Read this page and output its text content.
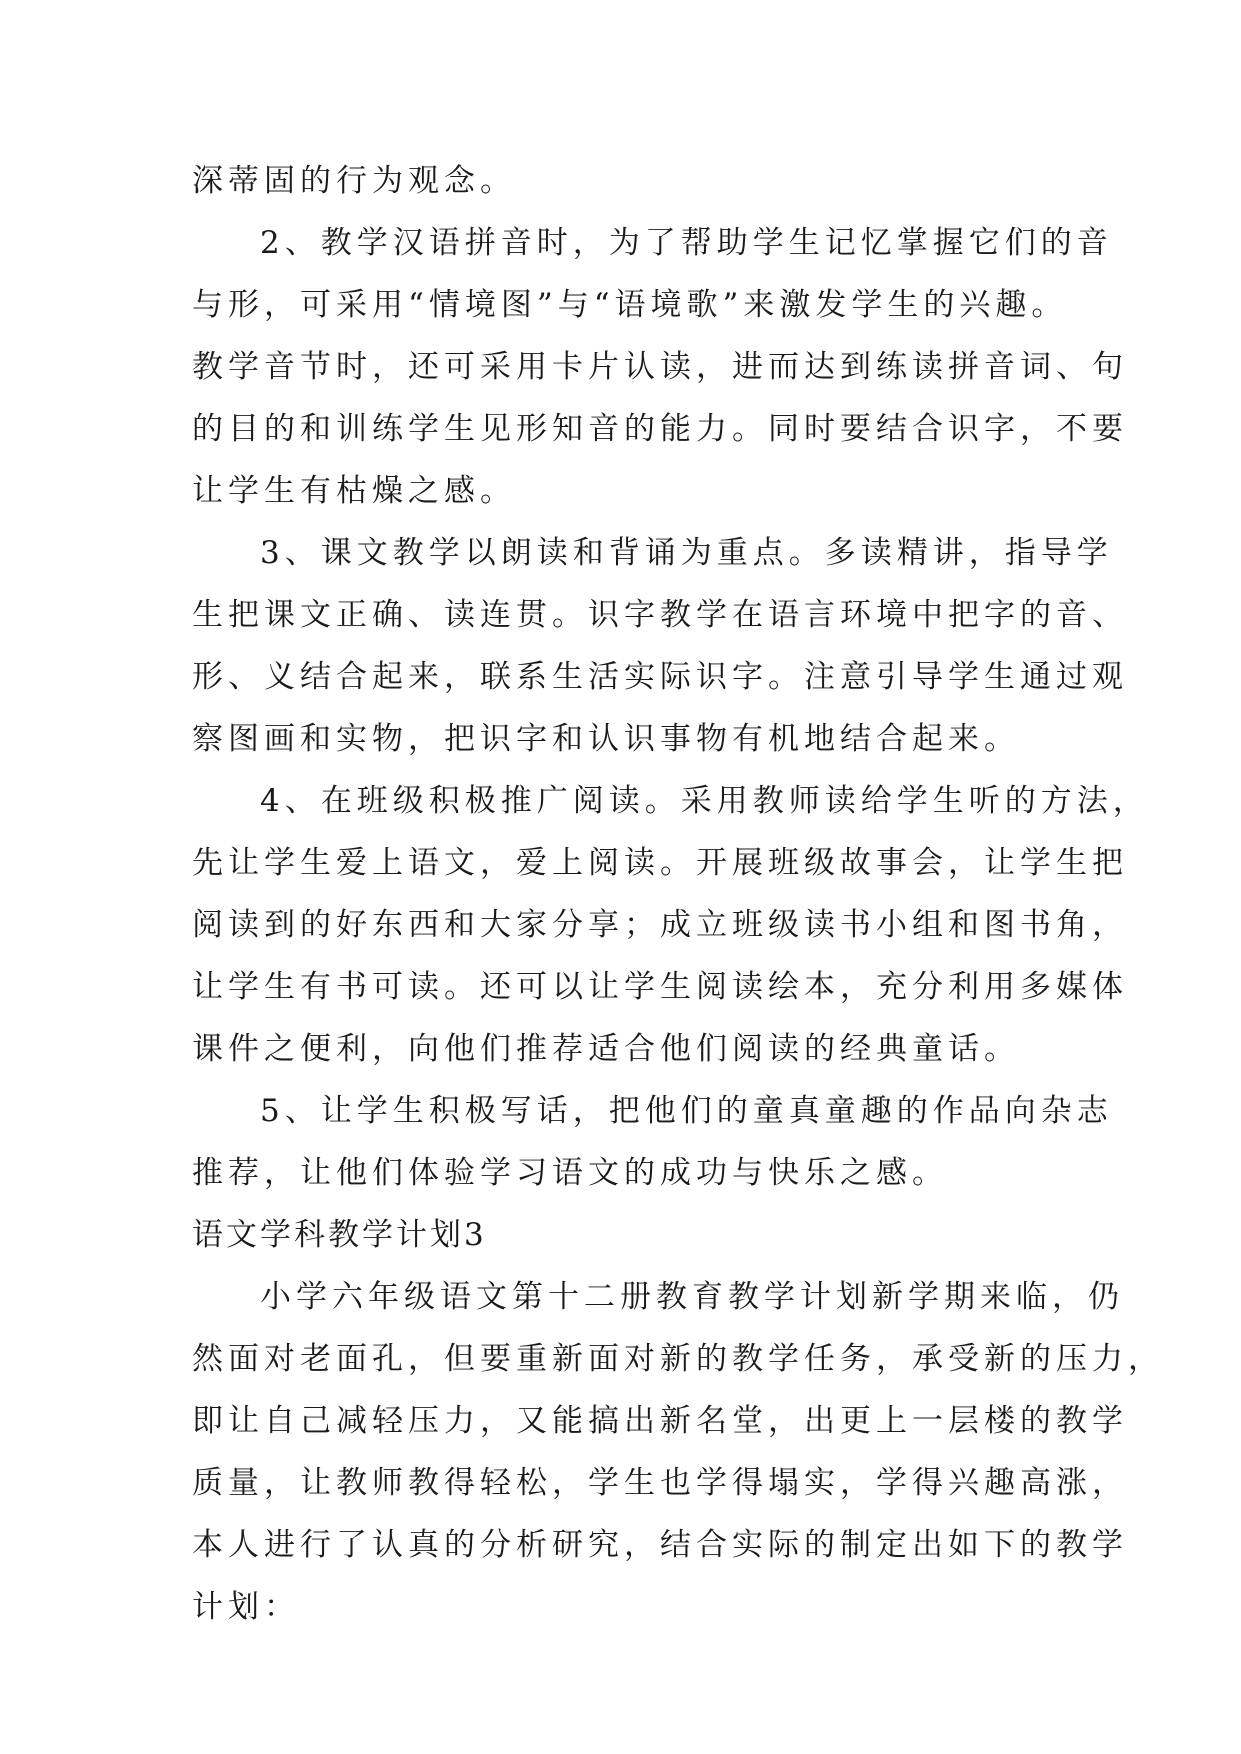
深蒂固的行为观念。

2、教学汉语拼音时，为了帮助学生记忆掌握它们的音

与形，可采用“情境图”与“语境歌”来激发学生的兴趣。

教学音节时，还可采用卡片认读，进而达到练读拼音词、句

的目的和训练学生见形知音的能力。同时要结合识字，不要

让学生有枯燥之感。

3、课文教学以朗读和背诵为重点。多读精讲，指导学

生把课文正确、读连贯。识字教学在语言环境中把字的音、

形、义结合起来，联系生活实际识字。注意引导学生通过观

察图画和实物，把识字和认识事物有机地结合起来。

4、在班级积极推广阅读。采用教师读给学生听的方法，

先让学生爱上语文，爱上阅读。开展班级故事会，让学生把

阅读到的好东西和大家分享；成立班级读书小组和图书角，

让学生有书可读。还可以让学生阅读绘本，充分利用多媒体

课件之便利，向他们推荐适合他们阅读的经典童话。

5、让学生积极写话，把他们的童真童趣的作品向杂志

推荐，让他们体验学习语文的成功与快乐之感。

语文学科教学计划3

小学六年级语文第十二册教育教学计划新学期来临，仍

然面对老面孔，但要重新面对新的教学任务，承受新的压力，

即让自己减轻压力，又能搞出新名堂，出更上一层楼的教学

质量，让教师教得轻松，学生也学得塌实，学得兴趣高涨，

本人进行了认真的分析研究，结合实际的制定出如下的教学

计划：
